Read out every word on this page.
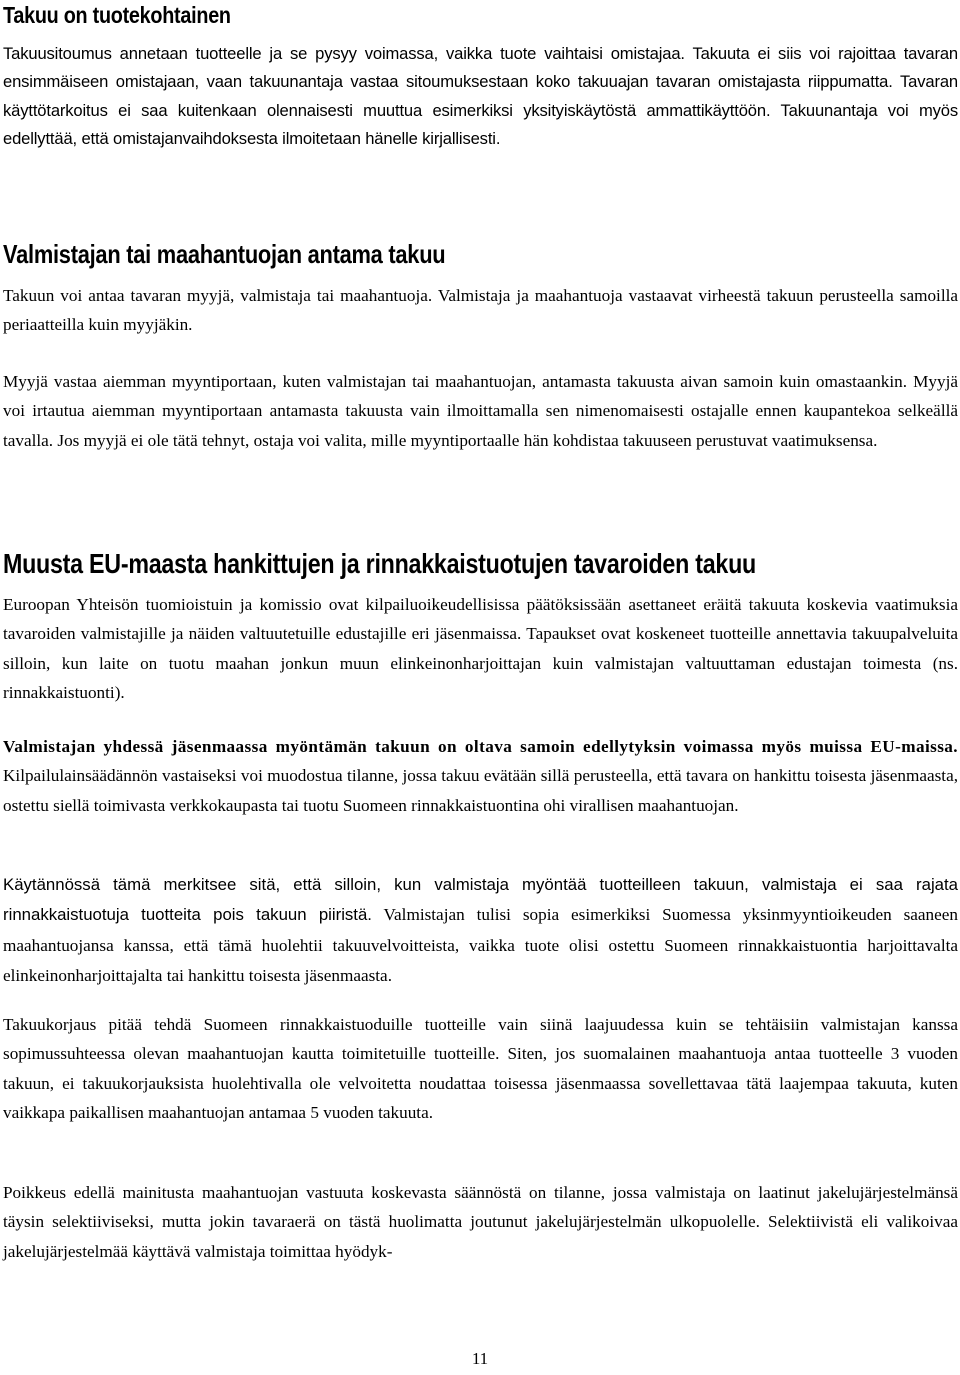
Takuu on tuotekohtainen

Takuusitoumus annetaan tuotteelle ja se pysyy voimassa, vaikka tuote vaihtaisi omistajaa. Takuuta ei siis voi rajoittaa tavaran ensimmäiseen omistajaan, vaan takuunantaja vastaa sitoumuksestaan koko takuuajan tavaran omistajasta riippumatta. Tavaran käyttötarkoitus ei saa kuitenkaan olennaisesti muuttua esimerkiksi yksityiskäytöstä ammattikäyttöön. Takuunantaja voi myös edellyttää, että omistajanvaihdoksesta ilmoitetaan hänelle kirjallisesti.

Valmistajan tai maahantuojan antama takuu

Takuun voi antaa tavaran myyjä, valmistaja tai maahantuoja. Valmistaja ja maahantuoja vastaavat virheestä takuun perusteella samoilla periaatteilla kuin myyjäkin.

Myyjä vastaa aiemman myyntiportaan, kuten valmistajan tai maahantuojan, antamasta takuusta aivan samoin kuin omastaankin. Myyjä voi irtautua aiemman myyntiportaan antamasta takuusta vain ilmoittamalla sen nimenomaisesti ostajalle ennen kaupantekoa selkeällä tavalla. Jos myyjä ei ole tätä tehnyt, ostaja voi valita, mille myyntiportaalle hän kohdistaa takuuseen perustuvat vaatimuksensa.

Muusta EU-maasta hankittujen ja rinnakkaistuotujen tavaroiden takuu

Euroopan Yhteisön tuomioistuin ja komissio ovat kilpailuoikeudellisissa päätöksissään asettaneet eräitä takuuta koskevia vaatimuksia tavaroiden valmistajille ja näiden valtuutetuille edustajille eri jäsenmaissa. Tapaukset ovat koskeneet tuotteille annettavia takuupalveluita silloin, kun laite on tuotu maahan jonkun muun elinkeinonharjoittajan kuin valmistajan valtuuttaman edustajan toimesta (ns. rinnakkaistuonti).

Valmistajan yhdessä jäsenmaassa myöntämän takuun on oltava samoin edellytyksin voimassa myös muissa EU-maissa. Kilpailulainsäädännön vastaiseksi voi muodostua tilanne, jossa takuu evätään sillä perusteella, että tavara on hankittu toisesta jäsenmaasta, ostettu siellä toimivasta verkkokaupasta tai tuotu Suomeen rinnakkaistuontina ohi virallisen maahantuojan.

Käytännössä tämä merkitsee sitä, että silloin, kun valmistaja myöntää tuotteilleen takuun, valmistaja ei saa rajata rinnakkaistuotuja tuotteita pois takuun piiristä. Valmistajan tulisi sopia esimerkiksi Suomessa yksinmyyntioikeuden saaneen maahantuojansa kanssa, että tämä huolehtii takuuvelvoitteista, vaikka tuote olisi ostettu Suomeen rinnakkaistuontia harjoittavalta elinkeinonharjoittajalta tai hankittu toisesta jäsenmaasta.

Takuukorjaus pitää tehdä Suomeen rinnakkaistuoduille tuotteille vain siinä laajuudessa kuin se tehtäisiin valmistajan kanssa sopimussuhteessa olevan maahantuojan kautta toimitetuille tuotteille. Siten, jos suomalainen maahantuoja antaa tuotteelle 3 vuoden takuun, ei takuukorjauksista huolehtivalla ole velvoitetta noudattaa toisessa jäsenmaassa sovellettavaa tätä laajempaa takuuta, kuten vaikkapa paikallisen maahantuojan antamaa 5 vuoden takuuta.

Poikkeus edellä mainitusta maahantuojan vastuuta koskevasta säännöstä on tilanne, jossa valmistaja on laatinut jakelujärjestelmänsä täysin selektiiviseksi, mutta jokin tavaraerä on tästä huolimatta joutunut jakelujärjestelmän ulkopuolelle. Selektiivistä eli valikoivaa jakelujärjestelmää käyttävä valmistaja toimittaa hyödyk-

11
